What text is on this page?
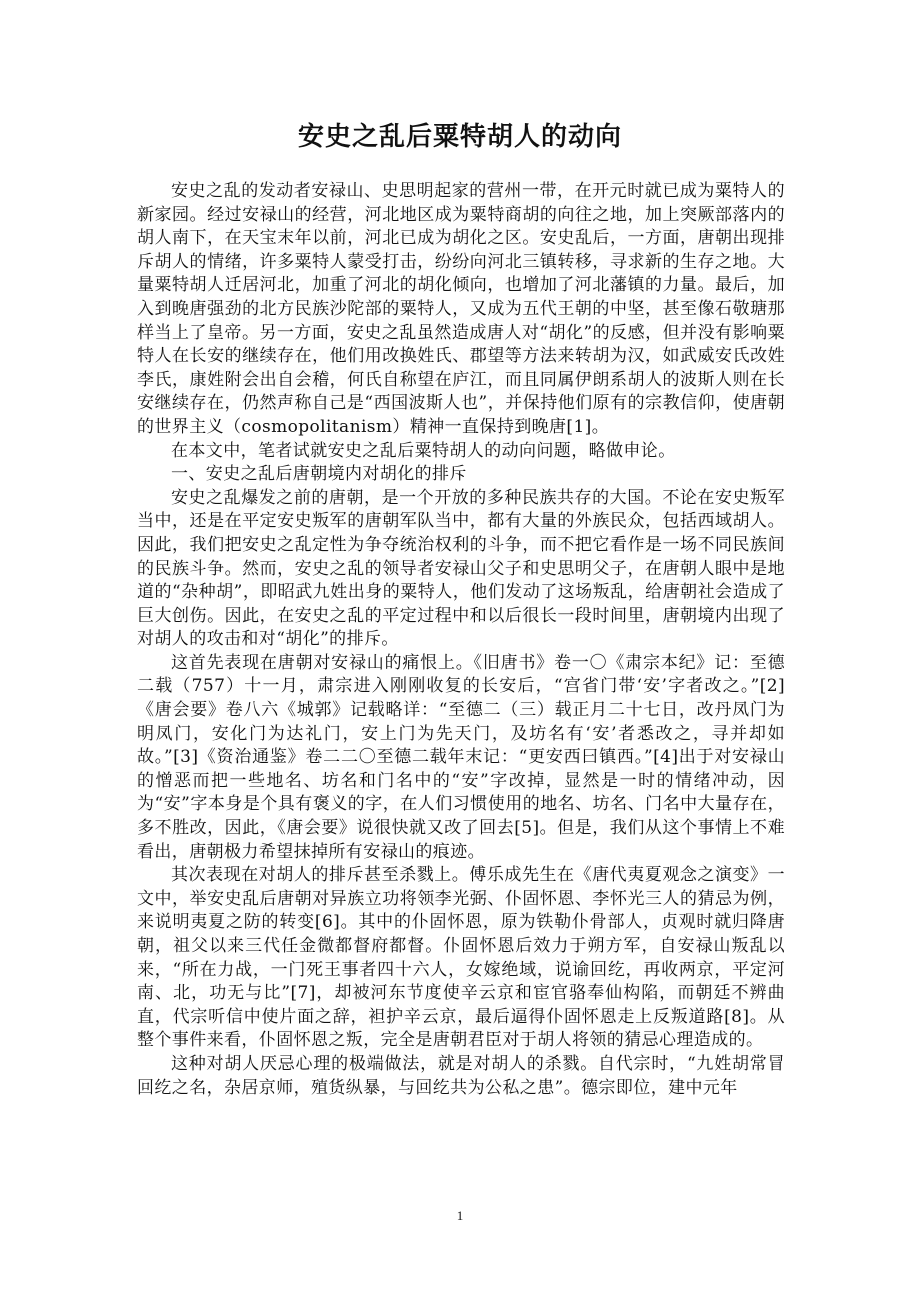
安史之乱后粟特胡人的动向

安史之乱的发动者安禄山、史思明起家的营州一带，在开元时就已成为粟特人的新家园。经过安禄山的经营，河北地区成为粟特商胡的向往之地，加上突厥部落内的胡人南下，在天宝末年以前，河北已成为胡化之区。安史乱后，一方面，唐朝出现排斥胡人的情绪，许多粟特人蒙受打击，纷纷向河北三镇转移，寻求新的生存之地。大量粟特胡人迁居河北，加重了河北的胡化倾向，也增加了河北藩镇的力量。最后，加入到晚唐强劲的北方民族沙陀部的粟特人，又成为五代王朝的中坚，甚至像石敬瑭那样当上了皇帝。另一方面，安史之乱虽然造成唐人对“胡化”的反感，但并没有影响粟特人在长安的继续存在，他们用改换姓氏、郡望等方法来转胡为汉，如武威安氏改姓李氏，康姓附会出自会稽，何氏自称望在庐江，而且同属伊朗系胡人的波斯人则在长安继续存在，仍然声称自己是“西国波斯人也”，并保持他们原有的宗教信仰，使唐朝的世界主义（cosmopolitanism）精神一直保持到晚唐[1]。

在本文中，笔者试就安史之乱后粟特胡人的动向问题，略做申论。

一、安史之乱后唐朝境内对胡化的排斥

安史之乱爆发之前的唐朝，是一个开放的多种民族共存的大国。不论在安史叛军当中，还是在平定安史叛军的唐朝军队当中，都有大量的外族民众，包括西域胡人。因此，我们把安史之乱定性为争夺统治权利的斗争，而不把它看作是一场不同民族间的民族斗争。然而，安史之乱的领导者安禄山父子和史思明父子，在唐朝人眼中是地道的“杂种胡”，即昭武九姓出身的粟特人，他们发动了这场叛乱，给唐朝社会造成了巨大创伤。因此，在安史之乱的平定过程中和以后很长一段时间里，唐朝境内出现了对胡人的攻击和对“胡化”的排斥。

这首先表现在唐朝对安禄山的痛恨上。《旧唐书》卷一〇《肃宗本纪》记：至德二载（757）十一月，肃宗进入刚刚收复的长安后，“宫省门带‘安’字者改之。”[2]《唐会要》卷八六《城郭》记载略详：“至德二（三）载正月二十七日，改丹凤门为明凤门，安化门为达礼门，安上门为先天门，及坊名有‘安’者悉改之，寻并却如故。”[3]《资治通鉴》卷二二〇至德二载年末记：“更安西曰镇西。”[4]出于对安禄山的憎恶而把一些地名、坊名和门名中的“安”字改掉，显然是一时的情绪冲动，因为“安”字本身是个具有褒义的字，在人们习惯使用的地名、坊名、门名中大量存在，多不胜改，因此，《唐会要》说很快就又改了回去[5]。但是，我们从这个事情上不难看出，唐朝极力希望抹掉所有安禄山的痕迹。

其次表现在对胡人的排斥甚至杀戮上。傅乐成先生在《唐代夷夏观念之演变》一文中，举安史乱后唐朝对异族立功将领李光弼、仆固怀恩、李怀光三人的猜忌为例，来说明夷夏之防的转变[6]。其中的仆固怀恩，原为铁勒仆骨部人，贞观时就归降唐朝，祖父以来三代任金微都督府都督。仆固怀恩后效力于朔方军，自安禄山叛乱以来，“所在力战，一门死王事者四十六人，女嫁绝域，说谕回纥，再收两京，平定河南、北，功无与比”[7]，却被河东节度使辛云京和宦官骆奉仙构陷，而朝廷不辨曲直，代宗听信中使片面之辞，袒护辛云京，最后逼得仆固怀恩走上反叛道路[8]。从整个事件来看，仆固怀恩之叛，完全是唐朝君臣对于胡人将领的猜忌心理造成的。

这种对胡人厌忌心理的极端做法，就是对胡人的杀戮。自代宗时，“九姓胡常冒回纥之名，杂居京师，殖货纵暴，与回纥共为公私之患”。德宗即位，建中元年

1
